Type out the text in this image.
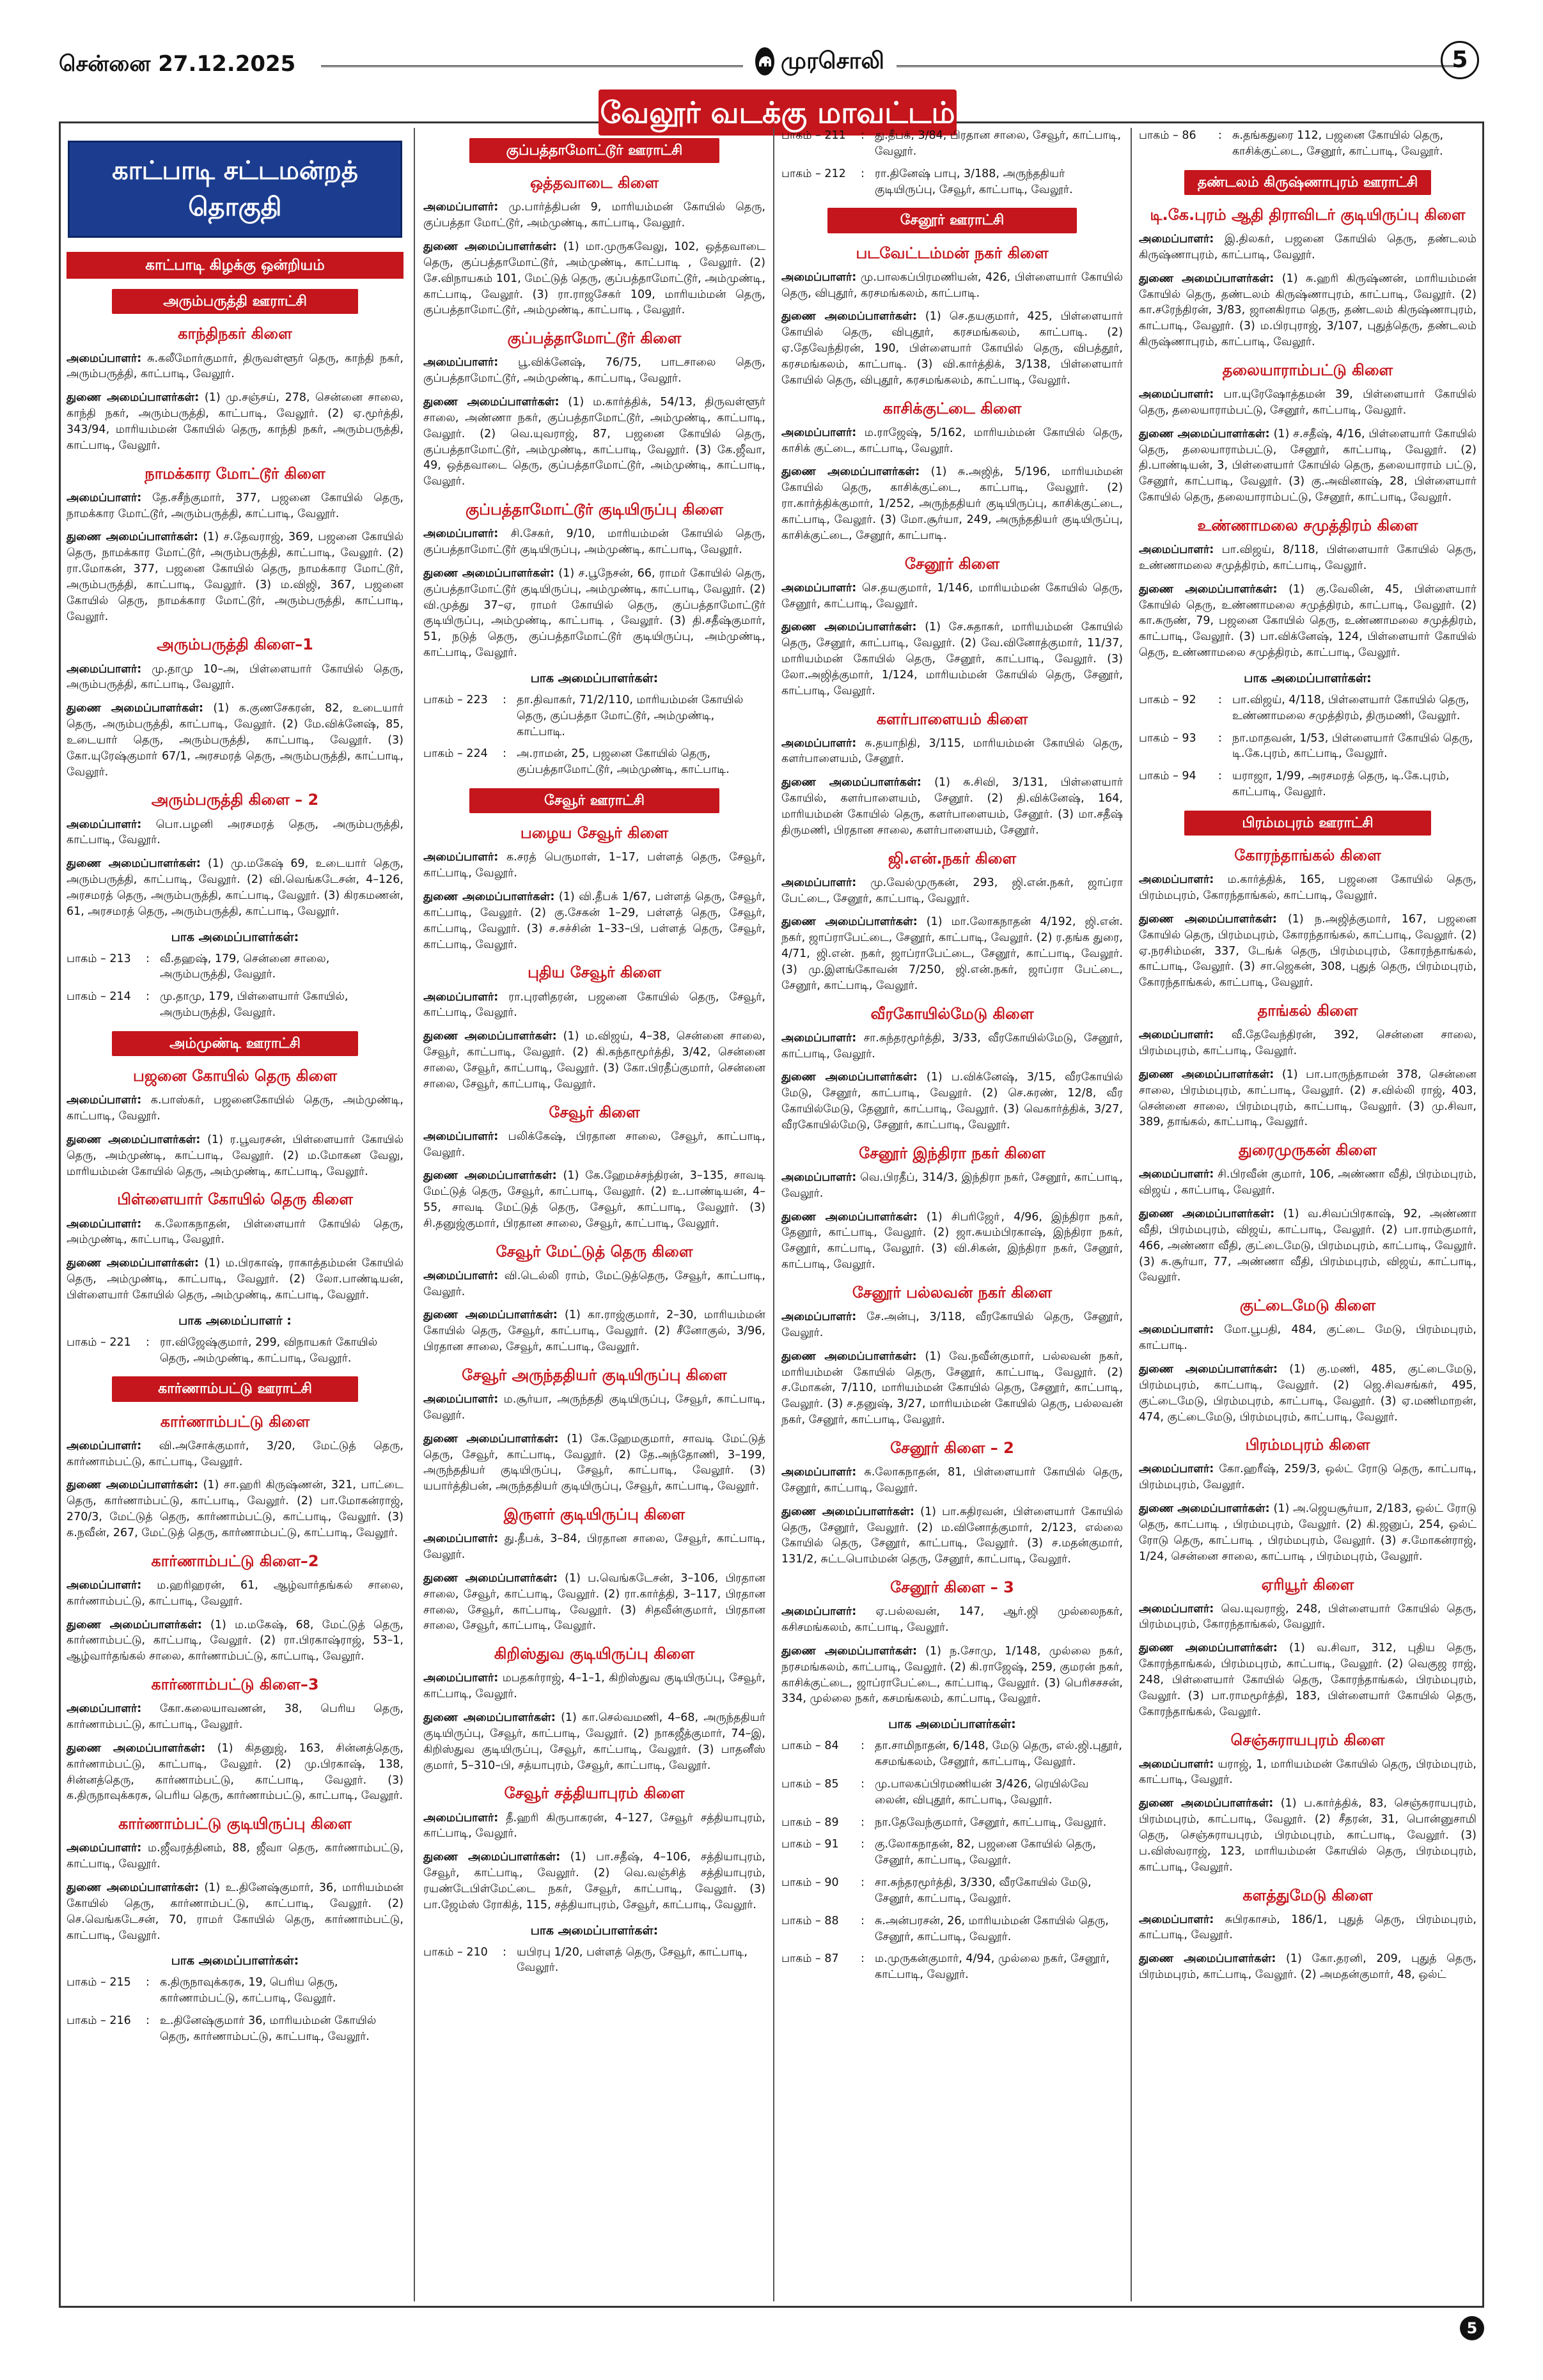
சென்னை 27.12.2025	முரசொலி	5
வேலூர் வடக்கு மாவட்டம்
காட்பாடி சட்டமன்றத் தொகுதி
காட்பாடி கிழக்கு ஒன்றியம்
அரும்பருத்தி ஊராட்சி
காந்திநகர் கிளை

அமைப்பாளர்: சு.கலீமோர்குமார், திருவள்ளூர் தெரு, காந்தி நகர், அரும்பருத்தி, காட்பாடி, வேலூர்.

துணை அமைப்பாளர்கள்: (1) மு.சஞ்சய், 278, சென்னை சாலை, காந்தி நகர், அரும்பருத்தி, காட்பாடி, வேலூர். (2) ஏ.மூர்த்தி, 343/94, மாரியம்மன் கோயில் தெரு, காந்தி நகர், அரும்பருத்தி, காட்பாடி, வேலூர்.

நாமக்கார மோட்டூர் கிளை

அமைப்பாளர்: தே.சசீந்குமார், 377, பஜனை கோயில் தெரு, நாமக்கார மோட்டூர், அரும்பருத்தி, காட்பாடி, வேலூர்.

துணை அமைப்பாளர்கள்: (1) ச.தேவராஜ், 369, பஜனை கோயில் தெரு, நாமக்கார மோட்டூர், அரும்பருத்தி, காட்பாடி, வேலூர். (2) ரா.மோகன், 377, பஜனை கோயில் தெரு, நாமக்கார மோட்டூர், அரும்பருத்தி, காட்பாடி, வேலூர். (3) ம.விஜி, 367, பஜனை கோயில் தெரு, நாமக்கார மோட்டூர், அரும்பருத்தி, காட்பாடி, வேலூர்.

அரும்பருத்தி கிளை–1

அமைப்பாளர்: மு.தாமு 10–அ, பிள்ளையார் கோயில் தெரு, அரும்பருத்தி, காட்பாடி, வேலூர்.

துணை அமைப்பாளர்கள்: (1) க.குணசேகரன், 82, உடையார் தெரு, அரும்பருத்தி, காட்பாடி, வேலூர். (2) மே.விக்னேஷ், 85, உடையார் தெரு, அரும்பருத்தி, காட்பாடி, வேலூர். (3) கோ.யுரேஷ்குமார் 67/1, அரசமரத் தெரு, அரும்பருத்தி, காட்பாடி, வேலூர்.

அரும்பருத்தி கிளை – 2

அமைப்பாளர்: பொ.பழனி அரசமரத் தெரு, அரும்பருத்தி, காட்பாடி, வேலூர்.

துணை அமைப்பாளர்கள்: (1) மு.மகேஷ் 69, உடையார் தெரு, அரும்பருத்தி, காட்பாடி, வேலூர். (2) வி.வெங்கடேசன், 4–126, அரசமரத் தெரு, அரும்பருத்தி, காட்பாடி, வேலூர். (3) கிரகமணன், 61, அரசமரத் தெரு, அரும்பருத்தி, காட்பாடி, வேலூர்.

பாக அமைப்பாளர்கள்:
பாகம் – 213	: வீ.தஹஷ், 179, சென்னை சாலை, அரும்பருத்தி, வேலூர்.
பாகம் – 214	: மு.தாமு, 179, பிள்ளையார் கோயில், அரும்பருத்தி, வேலூர்.
அம்முண்டி ஊராட்சி
பஜனை கோயில் தெரு கிளை

அமைப்பாளர்: க.பாஸ்கர், பஜனைகோயில் தெரு, அம்முண்டி, காட்பாடி, வேலூர்.

துணை அமைப்பாளர்கள்: (1) ர.பூவரசன், பிள்ளையார் கோயில் தெரு, அம்முண்டி, காட்பாடி, வேலூர். (2) ம.மோகன வேலு, மாரியம்மன் கோயில் தெரு, அம்முண்டி, காட்பாடி, வேலூர்.

பிள்ளையார் கோயில் தெரு கிளை

அமைப்பாளர்: க.லோகநாதன், பிள்ளையார் கோயில் தெரு, அம்முண்டி, காட்பாடி, வேலூர்.

துணை அமைப்பாளர்கள்: (1) ம.பிரகாஷ், ராகாத்தம்மன் கோயில் தெரு, அம்முண்டி, காட்பாடி, வேலூர். (2) லோ.பாண்டியன், பிள்ளையார் கோயில் தெரு, அம்முண்டி, காட்பாடி, வேலூர்.

பாக அமைப்பாளர் :
பாகம் – 221	: ரா.விஜேஷ்குமார், 299, விநாயகர் கோயில் தெரு, அம்முண்டி, காட்பாடி, வேலூர்.
கார்ணாம்பட்டு ஊராட்சி
கார்ணாம்பட்டு கிளை

அமைப்பாளர்: வி.அசோக்குமார், 3/20, மேட்டுத் தெரு, கார்ணாம்பட்டு, காட்பாடி, வேலூர்.

துணை அமைப்பாளர்கள்: (1) சா.ஹரி கிருஷ்ணன், 321, பாட்டை தெரு, கார்ணாம்பட்டு, காட்பாடி, வேலூர். (2) பா.மோகன்ராஜ், 270/3, மேட்டுத் தெரு, கார்ணாம்பட்டு, காட்பாடி, வேலூர். (3) க.நவீன், 267, மேட்டுத் தெரு, கார்ணாம்பட்டு, காட்பாடி, வேலூர்.

கார்ணாம்பட்டு கிளை–2

அமைப்பாளர்: ம.ஹரிஹரன், 61, ஆழ்வார்தங்கல் சாலை, கார்ணாம்பட்டு, காட்பாடி, வேலூர்.

துணை அமைப்பாளர்கள்: (1) ம.மகேஷ், 68, மேட்டுத் தெரு, கார்ணாம்பட்டு, காட்பாடி, வேலூர். (2) ரா.பிரகாஷ்ராஜ், 53–1, ஆழ்வார்தங்கல் சாலை, கார்ணாம்பட்டு, காட்பாடி, வேலூர்.

கார்ணாம்பட்டு கிளை–3

அமைப்பாளர்: கோ.கலையாவணன், 38, பெரிய தெரு, கார்ணாம்பட்டு, காட்பாடி, வேலூர்.

துணை அமைப்பாளர்கள்: (1) கிதனுஜ், 163, சின்னத்தெரு, கார்ணாம்பட்டு, காட்பாடி, வேலூர். (2) மு.பிரகாஷ், 138, சின்னத்தெரு, கார்ணாம்பட்டு, காட்பாடி, வேலூர். (3) க.திருநாவுக்கரசு, பெரிய தெரு, கார்ணாம்பட்டு, காட்பாடி, வேலூர்.

கார்ணாம்பட்டு குடியிருப்பு கிளை

அமைப்பாளர்: ம.ஜீவரத்தினம், 88, ஜீவா தெரு, கார்ணாம்பட்டு, காட்பாடி, வேலூர்.

துணை அமைப்பாளர்கள்: (1) உ.தினேஷ்குமார், 36, மாரியம்மன் கோயில் தெரு, கார்ணாம்பட்டு, காட்பாடி, வேலூர். (2) செ.வெங்கடேசன், 70, ராமர் கோயில் தெரு, கார்ணாம்பட்டு, காட்பாடி, வேலூர்.

பாக அமைப்பாளர்கள்:
பாகம் – 215	: க.திருநாவுக்கரசு, 19, பெரிய தெரு, கார்ணாம்பட்டு, காட்பாடி, வேலூர்.
பாகம் – 216	: உ.தினேஷ்குமார் 36, மாரியம்மன் கோயில் தெரு, கார்ணாம்பட்டு, காட்பாடி, வேலூர்.
குப்பத்தாமோட்டூர் ஊராட்சி
ஒத்தவாடை கிளை

அமைப்பாளர்: மு.பார்த்திபன் 9, மாரியம்மன் கோயில் தெரு, குப்பத்தா மோட்டூர், அம்முண்டி, காட்பாடி, வேலூர்.

துணை அமைப்பாளர்கள்: (1) மா.முருகவேலு, 102, ஒத்தவாடை தெரு, குப்பத்தாமோட்டூர், அம்முண்டி, காட்பாடி , வேலூர். (2) சே.விநாயகம் 101, மேட்டுத் தெரு, குப்பத்தாமோட்டூர், அம்முண்டி, காட்பாடி, வேலூர். (3) ரா.ராஜசேகர் 109, மாரியம்மன் தெரு, குப்பத்தாமோட்டூர், அம்முண்டி, காட்பாடி , வேலூர்.

குப்பத்தாமோட்டூர் கிளை

அமைப்பாளர்: பூ.விக்னேஷ், 76/75, பாடசாலை தெரு, குப்பத்தாமோட்டூர், அம்முண்டி, காட்பாடி, வேலூர்.

துணை அமைப்பாளர்கள்: (1) ம.கார்த்திக், 54/13, திருவள்ளூர் சாலை, அண்ணா நகர், குப்பத்தாமோட்டூர், அம்முண்டி, காட்பாடி, வேலூர். (2) வெ.யுவராஜ், 87, பஜனை கோயில் தெரு, குப்பத்தாமோட்டூர், அம்முண்டி, காட்பாடி, வேலூர். (3) கே.ஜீவா, 49, ஒத்தவாடை தெரு, குப்பத்தாமோட்டூர், அம்முண்டி, காட்பாடி, வேலூர்.

குப்பத்தாமோட்டூர் குடியிருப்பு கிளை

அமைப்பாளர்: சி.சேகர், 9/10, மாரியம்மன் கோயில் தெரு, குப்பத்தாமோட்டூர் குடியிருப்பு, அம்முண்டி, காட்பாடி, வேலூர்.

துணை அமைப்பாளர்கள்: (1) ச.பூநேசன், 66, ராமர் கோயில் தெரு, குப்பத்தாமோட்டூர் குடியிருப்பு, அம்முண்டி, காட்பாடி, வேலூர். (2) வி.முத்து 37–ஏ, ராமர் கோயில் தெரு, குப்பத்தாமோட்டூர் குடியிருப்பு, அம்முண்டி, காட்பாடி , வேலூர். (3) தி.சதீஷ்குமார், 51, நடுத் தெரு, குப்பத்தாமோட்டூர் குடியிருப்பு, அம்முண்டி, காட்பாடி, வேலூர்.

பாக அமைப்பாளர்கள்:
பாகம் – 223	: தா.திவாகர், 71/2/110, மாரியம்மன் கோயில் தெரு, குப்பத்தா மோட்டூர், அம்முண்டி, காட்பாடி.
பாகம் – 224	: அ.ராமன், 25, பஜனை கோயில் தெரு, குப்பத்தாமோட்டூர், அம்முண்டி, காட்பாடி.
சேவூர் ஊராட்சி
பழைய சேவூர் கிளை

அமைப்பாளர்: க.சரத் பெருமாள், 1–17, பள்ளத் தெரு, சேவூர், காட்பாடி, வேலூர்.

துணை அமைப்பாளர்கள்: (1) வி.தீபக் 1/67, பள்ளத் தெரு, சேவூர், காட்பாடி, வேலூர். (2) கு.சேகன் 1–29, பள்ளத் தெரு, சேவூர், காட்பாடி, வேலூர். (3) ச.சச்சின் 1–33–பி, பள்ளத் தெரு, சேவூர், காட்பாடி, வேலூர்.

புதிய சேவூர் கிளை

அமைப்பாளர்: ரா.புரளிதரன், பஜனை கோயில் தெரு, சேவூர், காட்பாடி, வேலூர்.

துணை அமைப்பாளர்கள்: (1) ம.விஜய், 4–38, சென்னை சாலை, சேவூர், காட்பாடி, வேலூர். (2) கி.கந்தாமூர்த்தி, 3/42, சென்னை சாலை, சேவூர், காட்பாடி, வேலூர். (3) கோ.பிரதீப்குமார், சென்னை சாலை, சேவூர், காட்பாடி, வேலூர்.

சேவூர் கிளை

அமைப்பாளர்: பலிக்கேஷ், பிரதான சாலை, சேவூர், காட்பாடி, வேலூர்.

துணை அமைப்பாளர்கள்: (1) கே.ஹேமச்சந்திரன், 3–135, சாவடி மேட்டுத் தெரு, சேவூர், காட்பாடி, வேலூர். (2) உ.பாண்டியன், 4–55, சாவடி மேட்டுத் தெரு, சேவூர், காட்பாடி, வேலூர். (3) சி.தனுஜ்குமார், பிரதான சாலை, சேவூர், காட்பாடி, வேலூர்.

சேவூர் மேட்டுத் தெரு கிளை

அமைப்பாளர்: வி.டெல்லி ராம், மேட்டுத்தெரு, சேவூர், காட்பாடி, வேலூர்.

துணை அமைப்பாளர்கள்: (1) கா.ராஜ்குமார், 2–30, மாரியம்மன் கோயில் தெரு, சேவூர், காட்பாடி, வேலூர். (2) சீனோகுல், 3/96, பிரதான சாலை, சேவூர், காட்பாடி, வேலூர்.

சேவூர் அருந்ததியர் குடியிருப்பு கிளை

அமைப்பாளர்: ம.சூர்யா, அருந்ததி குடியிருப்பு, சேவூர், காட்பாடி, வேலூர்.

துணை அமைப்பாளர்கள்: (1) கே.ஹேமகுமார், சாவடி மேட்டுத் தெரு, சேவூர், காட்பாடி, வேலூர். (2) தே.அந்தோணி, 3–199, அருந்ததியர் குடியிருப்பு, சேவூர், காட்பாடி, வேலூர். (3) யபார்த்திபன், அருந்ததியர் குடியிருப்பு, சேவூர், காட்பாடி, வேலூர்.

இருளர் குடியிருப்பு கிளை

அமைப்பாளர்: து.தீபக், 3–84, பிரதான சாலை, சேவூர், காட்பாடி, வேலூர்.

துணை அமைப்பாளர்கள்: (1) ப.வெங்கடேசன், 3–106, பிரதான சாலை, சேவூர், காட்பாடி, வேலூர். (2) ரா.கார்த்தி, 3–117, பிரதான சாலை, சேவூர், காட்பாடி, வேலூர். (3) சிதவீன்குமார், பிரதான சாலை, சேவூர், காட்பாடி, வேலூர்.

கிறிஸ்துவ குடியிருப்பு கிளை

அமைப்பாளர்: மபதகர்ராஜ், 4–1–1, கிறிஸ்துவ குடியிருப்பு, சேவூர், காட்பாடி, வேலூர்.

துணை அமைப்பாளர்கள்: (1) கா.செல்வமணி, 4–68, அருந்ததியர் குடியிருப்பு, சேவூர், காட்பாடி, வேலூர். (2) நாகஜீத்குமார், 74–இ, கிறிஸ்துவ குடியிருப்பு, சேவூர், காட்பாடி, வேலூர். (3) பாதனீஸ் குமார், 5–310–பி, சத்யாபுரம், சேவூர், காட்பாடி, வேலூர்.

சேவூர் சத்தியாபுரம் கிளை

அமைப்பாளர்: தீ.ஹரி கிருபாகரன், 4–127, சேவூர் சத்தியாபுரம், காட்பாடி, வேலூர்.

துணை அமைப்பாளர்கள்: (1) பா.சதீஷ், 4–106, சத்தியாபுரம், சேவூர், காட்பாடி, வேலூர். (2) வெ.வஞ்சித் சத்தியாபுரம், ரயண்டேபிள்மேட்டை நகர், சேவூர், காட்பாடி, வேலூர். (3) பா.ஜேம்ஸ் ரோகித், 115, சத்தியாபுரம், சேவூர், காட்பாடி, வேலூர்.

பாக அமைப்பாளர்கள்:
பாகம் – 210	: யபிரபு 1/20, பள்ளத் தெரு, சேவூர், காட்பாடி, வேலூர்.
பாகம் – 211	: து.தீபக், 3/84, பிரதான சாலை, சேவூர், காட்பாடி, வேலூர்.
பாகம் – 212	: ரா.தினேஷ் பாபு, 3/188, அருந்ததியர் குடியிருப்பு, சேவூர், காட்பாடி, வேலூர்.
சேனூர் ஊராட்சி
படவேட்டம்மன் நகர் கிளை

அமைப்பாளர்: மு.பாலகப்பிரமணியன், 426, பிள்ளையார் கோயில் தெரு, விபுதூர், கரசமங்கலம், காட்பாடி.

துணை அமைப்பாளர்கள்: (1) செ.தயகுமார், 425, பிள்ளையார் கோயில் தெரு, விபுதூர், கரசமங்கலம், காட்பாடி. (2) ஏ.தேவேந்திரன், 190, பிள்ளையார் கோயில் தெரு, விபத்தூர், கரசமங்கலம், காட்பாடி. (3) வி.கார்த்திக், 3/138, பிள்ளையார் கோயில் தெரு, விபுதூர், கரசமங்கலம், காட்பாடி, வேலூர்.

காசிக்குட்டை கிளை

அமைப்பாளர்: ம.ராஜேஷ், 5/162, மாரியம்மன் கோயில் தெரு, காசிக் குட்டை, காட்பாடி, வேலூர்.

துணை அமைப்பாளர்கள்: (1) சு.அஜித், 5/196, மாரியம்மன் கோயில் தெரு, காசிக்குட்டை, காட்பாடி, வேலூர். (2) ரா.கார்த்திக்குமார், 1/252, அருந்ததியர் குடியிருப்பு, காசிக்குட்டை, காட்பாடி, வேலூர். (3) மோ.சூர்யா, 249, அருந்ததியர் குடியிருப்பு, காசிக்குட்டை, சேனூர், காட்பாடி.

சேனூர் கிளை

அமைப்பாளர்: செ.தயகுமார், 1/146, மாரியம்மன் கோயில் தெரு, சேனூர், காட்பாடி, வேலூர்.

துணை அமைப்பாளர்கள்: (1) சே.சுதாகர், மாரியம்மன் கோயில் தெரு, சேனூர், காட்பாடி, வேலூர். (2) வே.வினோத்குமார், 11/37, மாரியம்மன் கோயில் தெரு, சேனூர், காட்பாடி, வேலூர். (3) லோ.அஜித்குமார், 1/124, மாரியம்மன் கோயில் தெரு, சேனூர், காட்பாடி, வேலூர்.

களர்பாளையம் கிளை

அமைப்பாளர்: சு.தயாநிதி, 3/115, மாரியம்மன் கோயில் தெரு, களர்பாளையம், சேனூர்.

துணை அமைப்பாளர்கள்: (1) சு.சிவி, 3/131, பிள்ளையார் கோயில், களர்பாளையம், சேனூர். (2) தி.விக்னேஷ், 164, மாரியம்மன் கோயில் தெரு, களர்பாளையம், சேனூர். (3) மா.சதீஷ் திருமணி, பிரதான சாலை, களர்பாளையம், சேனூர்.

ஜி.என்.நகர் கிளை

அமைப்பாளர்: மு.வேல்முருகன், 293, ஜி.என்.நகர், ஜாப்ரா பேட்டை, சேனூர், காட்பாடி, வேலூர்.

துணை அமைப்பாளர்கள்: (1) மா.லோகநாதன் 4/192, ஜி.என். நகர், ஜாப்ராபேட்டை, சேனூர், காட்பாடி, வேலூர். (2) ர.தங்க துரை, 4/71, ஜி.என். நகர், ஜாப்ராபேட்டை, சேனூர், காட்பாடி, வேலூர். (3) மு.இளங்கோவன் 7/250, ஜி.என்.நகர், ஜாப்ரா பேட்டை, சேனூர், காட்பாடி, வேலூர்.

வீரகோயில்மேடு கிளை

அமைப்பாளர்: சா.சுந்தரமூர்த்தி, 3/33, வீரகோயில்மேடு, சேனூர், காட்பாடி, வேலூர்.

துணை அமைப்பாளர்கள்: (1) ப.விக்னேஷ், 3/15, வீரகோயில் மேடு, சேனூர், காட்பாடி, வேலூர். (2) செ.சுரண், 12/8, வீர கோயில்மேடு, தேனூர், காட்பாடி, வேலூர். (3) வெகார்த்திக், 3/27, வீரகோயில்மேடு, சேனூர், காட்பாடி, வேலூர்.

சேனூர் இந்திரா நகர் கிளை

அமைப்பாளர்: வெ.பிரதீப், 314/3, இந்திரா நகர், சேனூர், காட்பாடி, வேலூர்.

துணை அமைப்பாளர்கள்: (1) சிபரிஜோ், 4/96, இந்திரா நகர், தேனூர், காட்பாடி, வேலூர். (2) ஜா.சுயம்பிரகாஷ், இந்திரா நகர், சேனூர், காட்பாடி, வேலூர். (3) வி.சிகன், இந்திரா நகர், சேனூர், காட்பாடி, வேலூர்.

சேனூர் பல்லவன் நகர் கிளை

அமைப்பாளர்: சே.அன்பு, 3/118, வீரகோயில் தெரு, சேனூர், வேலூர்.

துணை அமைப்பாளர்கள்: (1) வே.நவீன்குமார், பல்லவன் நகர், மாரியம்மன் கோயில் தெரு, சேனூர், காட்பாடி, வேலூர். (2) ச.மோகன், 7/110, மாரியம்மன் கோயில் தெரு, சேனூர், காட்பாடி, வேலூர். (3) ச.தனுஷ், 3/27, மாரியம்மன் கோயில் தெரு, பல்லவன் நகர், சேனூர், காட்பாடி, வேலூர்.

சேனூர் கிளை – 2

அமைப்பாளர்: சு.லோகநாதன், 81, பிள்ளையார் கோயில் தெரு, சேனூர், காட்பாடி, வேலூர்.

துணை அமைப்பாளர்கள்: (1) பா.சுதிரவன், பிள்ளையார் கோயில் தெரு, சேனூர், வேலூர். (2) ம.வினோத்குமார், 2/123, எல்லை கோயில் தெரு, சேனூர், காட்பாடி, வேலூர். (3) ச.மதன்குமார், 131/2, சுட்டபொம்மன் தெரு, சேனூர், காட்பாடி, வேலூர்.

சேனூர் கிளை – 3

அமைப்பாளர்: ஏ.பல்லவன், 147, ஆர்.ஜி முல்லைநகர், கசிசமங்கலம், காட்பாடி, வேலூர்.

துணை அமைப்பாளர்கள்: (1) ந.சோமு, 1/148, முல்லை நகர், நரசமங்கலம், காட்பாடி, வேலூர். (2) கி.ராஜேஷ், 259, குமரன் நகர், காசிக்குட்டை, ஜாப்ராபேட்டை, காட்பாடி, வேலூர். (3) பெரிசசசன், 334, முல்லை நகர், கசமங்கலம், காட்பாடி, வேலூர்.

பாக அமைப்பாளர்கள்:
பாகம் – 84	: தா.சாமிநாதன், 6/148, மேடு தெரு, எல்.ஜி.புதூர், கசமங்கலம், சேனூர், காட்பாடி, வேலூர்.
பாகம் – 85	: மு.பாலகப்பிரமணியன் 3/426, ரெயில்வே லைன், விபுதூர், காட்பாடி, வேலூர்.
பாகம் – 89	: நா.தேவேந்குமார், சேனூர், காட்பாடி, வேலூர்.
பாகம் – 91	: கு.லோகநாதன், 82, பஜனை கோயில் தெரு, சேனூர், காட்பாடி, வேலூர்.
பாகம் – 90	: சா.சுந்தரமூர்த்தி, 3/330, வீரகோயில் மேடு, சேனூர், காட்பாடி, வேலூர்.
பாகம் – 88	: சு.அன்பரசன், 26, மாரியம்மன் கோயில் தெரு, சேனூர், காட்பாடி, வேலூர்.
பாகம் – 87	: ம.முருகன்குமார், 4/94, முல்லை நகர், சேனூர், காட்பாடி, வேலூர்.
பாகம் – 86	: சு.தங்கதுரை 112, பஜனை கோயில் தெரு, காசிக்குட்டை, சேனூர், காட்பாடி, வேலூர்.
தண்டலம் கிருஷ்ணாபுரம் ஊராட்சி
டி.கே.புரம் ஆதி திராவிடர் குடியிருப்பு கிளை

அமைப்பாளர்: இ.திலகர், பஜனை கோயில் தெரு, தண்டலம் கிருஷ்ணாபுரம், காட்பாடி, வேலூர்.

துணை அமைப்பாளர்கள்: (1) சு.ஹரி கிருஷ்ணன், மாரியம்மன் கோயில் தெரு, தண்டலம் கிருஷ்ணாபுரம், காட்பாடி, வேலூர். (2) கா.சரேந்திரன், 3/83, ஜானகிராம தெரு, தண்டலம் கிருஷ்ணாபுரம், காட்பாடி, வேலூர். (3) ம.பிரபுராஜ், 3/107, புதுத்தெரு, தண்டலம் கிருஷ்ணாபுரம், காட்பாடி, வேலூர்.

தலையாராம்பட்டு கிளை

அமைப்பாளர்: பா.யுரேஷோத்தமன் 39, பிள்ளையார் கோயில் தெரு, தலையாராம்பட்டு, சேனூர், காட்பாடி, வேலூர்.

துணை அமைப்பாளர்கள்: (1) ச.சதீஷ், 4/16, பிள்ளையார் கோயில் தெரு, தலையாராம்பட்டு, சேனூர், காட்பாடி, வேலூர். (2) தி.பாண்டியன், 3, பிள்ளையார் கோயில் தெரு, தலையாராம் பட்டு, சேனூர், காட்பாடி, வேலூர். (3) கு.அவினாஷ், 28, பிள்ளையார் கோயில் தெரு, தலையாராம்பட்டு, சேனூர், காட்பாடி, வேலூர்.

உண்ணாமலை சமுத்திரம் கிளை

அமைப்பாளர்: பா.விஜய், 8/118, பிள்ளையார் கோயில் தெரு, உண்ணாமலை சமுத்திரம், காட்பாடி, வேலூர்.

துணை அமைப்பாளர்கள்: (1) கு.வேலின், 45, பிள்ளையார் கோயில் தெரு, உண்ணாமலை சமுத்திரம், காட்பாடி, வேலூர். (2) கா.சுருண், 79, பஜனை கோயில் தெரு, உண்ணாமலை சமுத்திரம், காட்பாடி, வேலூர். (3) பா.விக்னேஷ், 124, பிள்ளையார் கோயில் தெரு, உண்ணாமலை சமுத்திரம், காட்பாடி, வேலூர்.

பாக அமைப்பாளர்கள்:
பாகம் – 92	: பா.விஜய், 4/118, பிள்ளையார் கோயில் தெரு, உண்ணாமலை சமுத்திரம், திருமணி, வேலூர்.
பாகம் – 93	: நா.மாதவன், 1/53, பிள்ளையார் கோயில் தெரு, டி.கே.புரம், காட்பாடி, வேலூர்.
பாகம் – 94	: யராஜா, 1/99, அரசமரத் தெரு, டி.கே.புரம், காட்பாடி, வேலூர்.
பிரம்மபுரம் ஊராட்சி
கோரந்தாங்கல் கிளை

அமைப்பாளர்: ம.கார்த்திக், 165, பஜனை கோயில் தெரு, பிரம்மபுரம், கோரந்தாங்கல், காட்பாடி, வேலூர்.

துணை அமைப்பாளர்கள்: (1) ந.அஜித்குமார், 167, பஜனை கோயில் தெரு, பிரம்மபுரம், கோரந்தாங்கல், காட்பாடி, வேலூர். (2) ஏ.நரசிம்மன், 337, டேங்க் தெரு, பிரம்மபுரம், கோரந்தாங்கல், காட்பாடி, வேலூர். (3) சா.ஜெகன், 308, புதுத் தெரு, பிரம்மபுரம், கோரந்தாங்கல், காட்பாடி, வேலூர்.

தாங்கல் கிளை

அமைப்பாளர்: வீ.தேவேந்திரன், 392, சென்னை சாலை, பிரம்மபுரம், காட்பாடி, வேலூர்.

துணை அமைப்பாளர்கள்: (1) பா.பாருந்தாமன் 378, சென்னை சாலை, பிரம்மபுரம், காட்பாடி, வேலூர். (2) ச.வில்லி ராஜ், 403, சென்னை சாலை, பிரம்மபுரம், காட்பாடி, வேலூர். (3) மு.சிவா, 389, தாங்கல், காட்பாடி, வேலூர்.

துரைமுருகன் கிளை

அமைப்பாளர்: சி.பிரவீன் குமார், 106, அண்ணா வீதி, பிரம்மபுரம், விஜய் , காட்பாடி, வேலூர்.

துணை அமைப்பாளர்கள்: (1) வ.சிவப்பிரகாஷ், 92, அண்ணா வீதி, பிரம்மபுரம், விஜய், காட்பாடி, வேலூர். (2) பா.ராம்குமார், 466, அண்ணா வீதி, குட்டைமேடு, பிரம்மபுரம், காட்பாடி, வேலூர். (3) சு.சூர்யா, 77, அண்ணா வீதி, பிரம்மபுரம், விஜய், காட்பாடி, வேலூர்.

குட்டைமேடு கிளை

அமைப்பாளர்: மோ.பூபதி, 484, குட்டை மேடு, பிரம்மபுரம், காட்பாடி.

துணை அமைப்பாளர்கள்: (1) கு.மணி, 485, குட்டைமேடு, பிரம்மபுரம், காட்பாடி, வேலூர். (2) ஜெ.சிவசங்கர், 495, குட்டைமேடு, பிரம்மபுரம், காட்பாடி, வேலூர். (3) ஏ.மணிமாறன், 474, குட்டைமேடு, பிரம்மபுரம், காட்பாடி, வேலூர்.

பிரம்மபுரம் கிளை

அமைப்பாளர்: கோ.ஹரீஷ், 259/3, ஒல்ட் ரோடு தெரு, காட்பாடி, பிரம்மபுரம், வேலூர்.

துணை அமைப்பாளர்கள்: (1) அ.ஜெயசூர்யா, 2/183, ஒல்ட் ரோடு தெரு, காட்பாடி , பிரம்மபுரம், வேலூர். (2) கி.ஜனுப், 254, ஒல்ட் ரோடு தெரு, காட்பாடி , பிரம்மபுரம், வேலூர். (3) ச.மோகன்ராஜ், 1/24, சென்னை சாலை, காட்பாடி , பிரம்மபுரம், வேலூர்.

ஏரியூர் கிளை

அமைப்பாளர்: வெ.யுவராஜ், 248, பிள்ளையார் கோயில் தெரு, பிரம்மபுரம், கோரந்தாங்கல், வேலூர்.

துணை அமைப்பாளர்கள்: (1) வ.சிவா, 312, புதிய தெரு, கோரந்தாங்கல், பிரம்மபுரம், காட்பாடி, வேலூர். (2) வெகுஜ ராஜ், 248, பிள்ளையார் கோயில் தெரு, கோரந்தாங்கல், பிரம்மபுரம், வேலூர். (3) பா.ராமமூர்த்தி, 183, பிள்ளையார் கோயில் தெரு, கோரந்தாங்கல், வேலூர்.

செஞ்சுராயபுரம் கிளை

அமைப்பாளர்: யராஜ், 1, மாரியம்மன் கோயில் தெரு, பிரம்மபுரம், காட்பாடி, வேலூர்.

துணை அமைப்பாளர்கள்: (1) ப.கார்த்திக், 83, செஞ்சுராயபுரம், பிரம்மபுரம், காட்பாடி, வேலூர். (2) சீதரன், 31, பொன்னுசாமி தெரு, செஞ்சுராயபுரம், பிரம்மபுரம், காட்பாடி, வேலூர். (3) ப.விஸ்வராஜ், 123, மாரியம்மன் கோயில் தெரு, பிரம்மபுரம், காட்பாடி, வேலூர்.

களத்துமேடு கிளை

அமைப்பாளர்: சுபிரகாசம், 186/1, புதுத் தெரு, பிரம்மபுரம், காட்பாடி, வேலூர்.

துணை அமைப்பாளர்கள்: (1) கோ.தரனி, 209, புதுத் தெரு, பிரம்மபுரம், காட்பாடி, வேலூர். (2) அமதன்குமார், 48, ஒல்ட்

5
